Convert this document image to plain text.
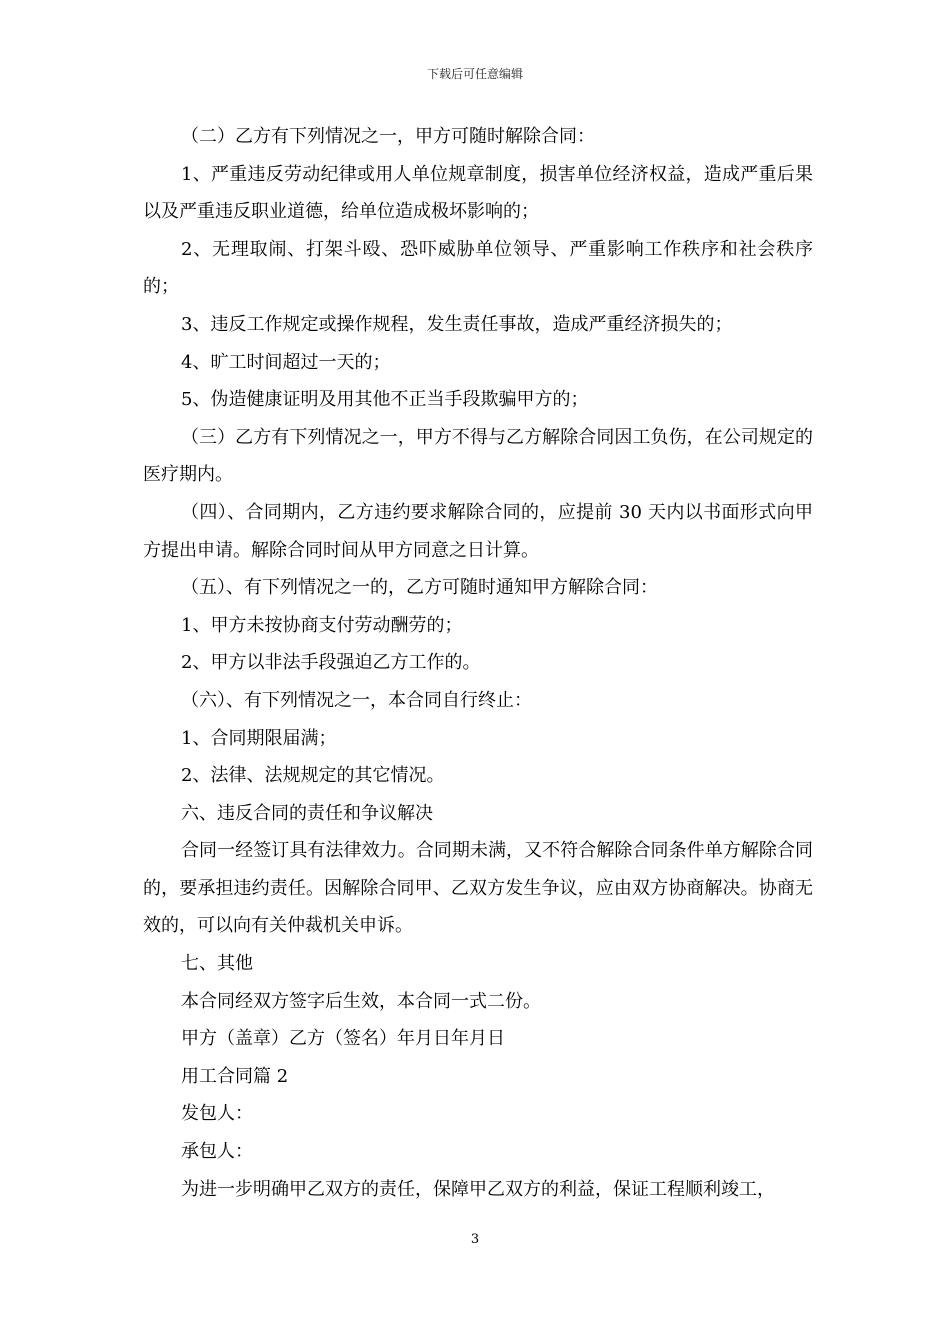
下载后可任意编辑

（二）乙方有下列情况之一，甲方可随时解除合同：

1、严重违反劳动纪律或用人单位规章制度，损害单位经济权益，造成严重后果以及严重违反职业道德，给单位造成极坏影响的；

2、无理取闹、打架斗殴、恐吓威胁单位领导、严重影响工作秩序和社会秩序的；

3、违反工作规定或操作规程，发生责任事故，造成严重经济损失的；

4、旷工时间超过一天的；

5、伪造健康证明及用其他不正当手段欺骗甲方的；

（三）乙方有下列情况之一，甲方不得与乙方解除合同因工负伤，在公司规定的医疗期内。

（四）、合同期内，乙方违约要求解除合同的，应提前 30 天内以书面形式向甲方提出申请。解除合同时间从甲方同意之日计算。

（五）、有下列情况之一的，乙方可随时通知甲方解除合同：

1、甲方未按协商支付劳动酬劳的；

2、甲方以非法手段强迫乙方工作的。

（六）、有下列情况之一，本合同自行终止：

1、合同期限届满；

2、法律、法规规定的其它情况。

六、违反合同的责任和争议解决

合同一经签订具有法律效力。合同期未满，又不符合解除合同条件单方解除合同的，要承担违约责任。因解除合同甲、乙双方发生争议，应由双方协商解决。协商无效的，可以向有关仲裁机关申诉。

七、其他

本合同经双方签字后生效，本合同一式二份。

甲方（盖章）乙方（签名）年月日年月日

用工合同篇 2

发包人：

承包人：

为进一步明确甲乙双方的责任，保障甲乙双方的利益，保证工程顺利竣工，

3
